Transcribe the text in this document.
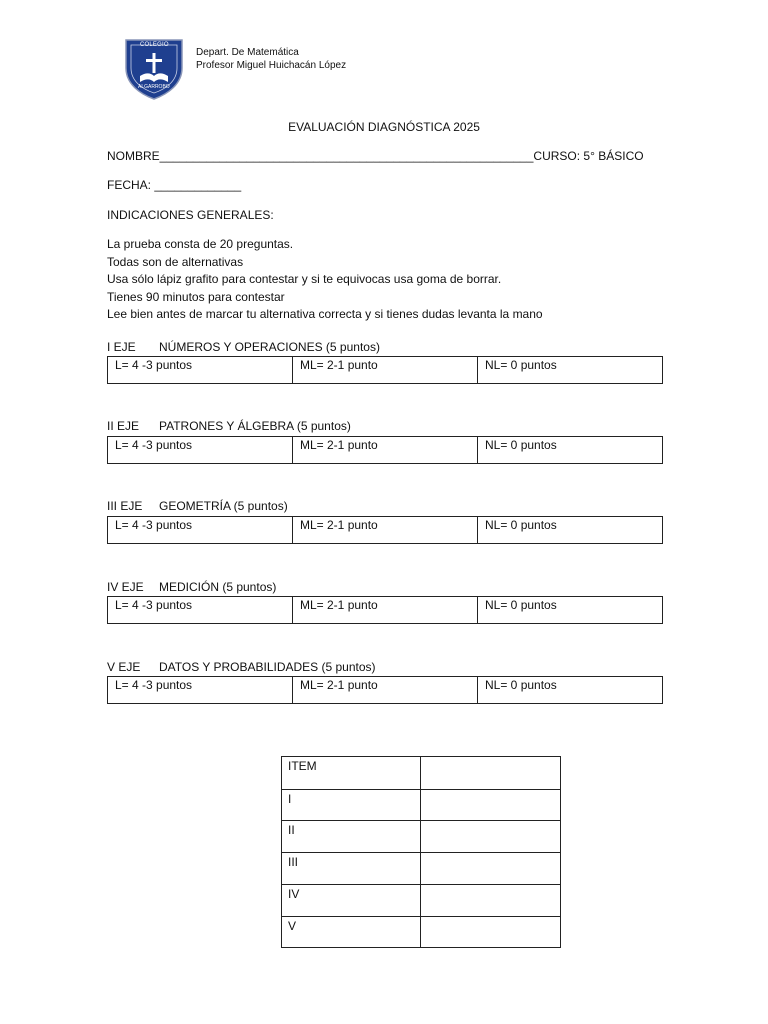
COLEGIO
ALGARROBO
Depart. De Matemática
Profesor Miguel Huichacán López
EVALUACIÓN DIAGNÓSTICA 2025
NOMBRE________________________________________________________CURSO: 5° BÁSICO
FECHA: _____________
INDICACIONES GENERALES:
La prueba consta de 20 preguntas.
Todas son de alternativas
Usa sólo lápiz grafito para contestar y si te equivocas usa goma de borrar.
Tienes 90 minutos para contestar
Lee bien antes de marcar tu alternativa correcta y si tienes dudas levanta la mano
I EJE NÚMEROS Y OPERACIONES (5 puntos)
L= 4 -3 puntos	ML= 2-1 punto	NL= 0 puntos
II EJE PATRONES Y ÁLGEBRA (5 puntos)
L= 4 -3 puntos	ML= 2-1 punto	NL= 0 puntos
III EJE GEOMETRÍA (5 puntos)
L= 4 -3 puntos	ML= 2-1 punto	NL= 0 puntos
IV EJE MEDICIÓN (5 puntos)
L= 4 -3 puntos	ML= 2-1 punto	NL= 0 puntos
V EJE DATOS Y PROBABILIDADES (5 puntos)
L= 4 -3 puntos	ML= 2-1 punto	NL= 0 puntos
ITEM	
I	
II	
III	
IV	
V	
